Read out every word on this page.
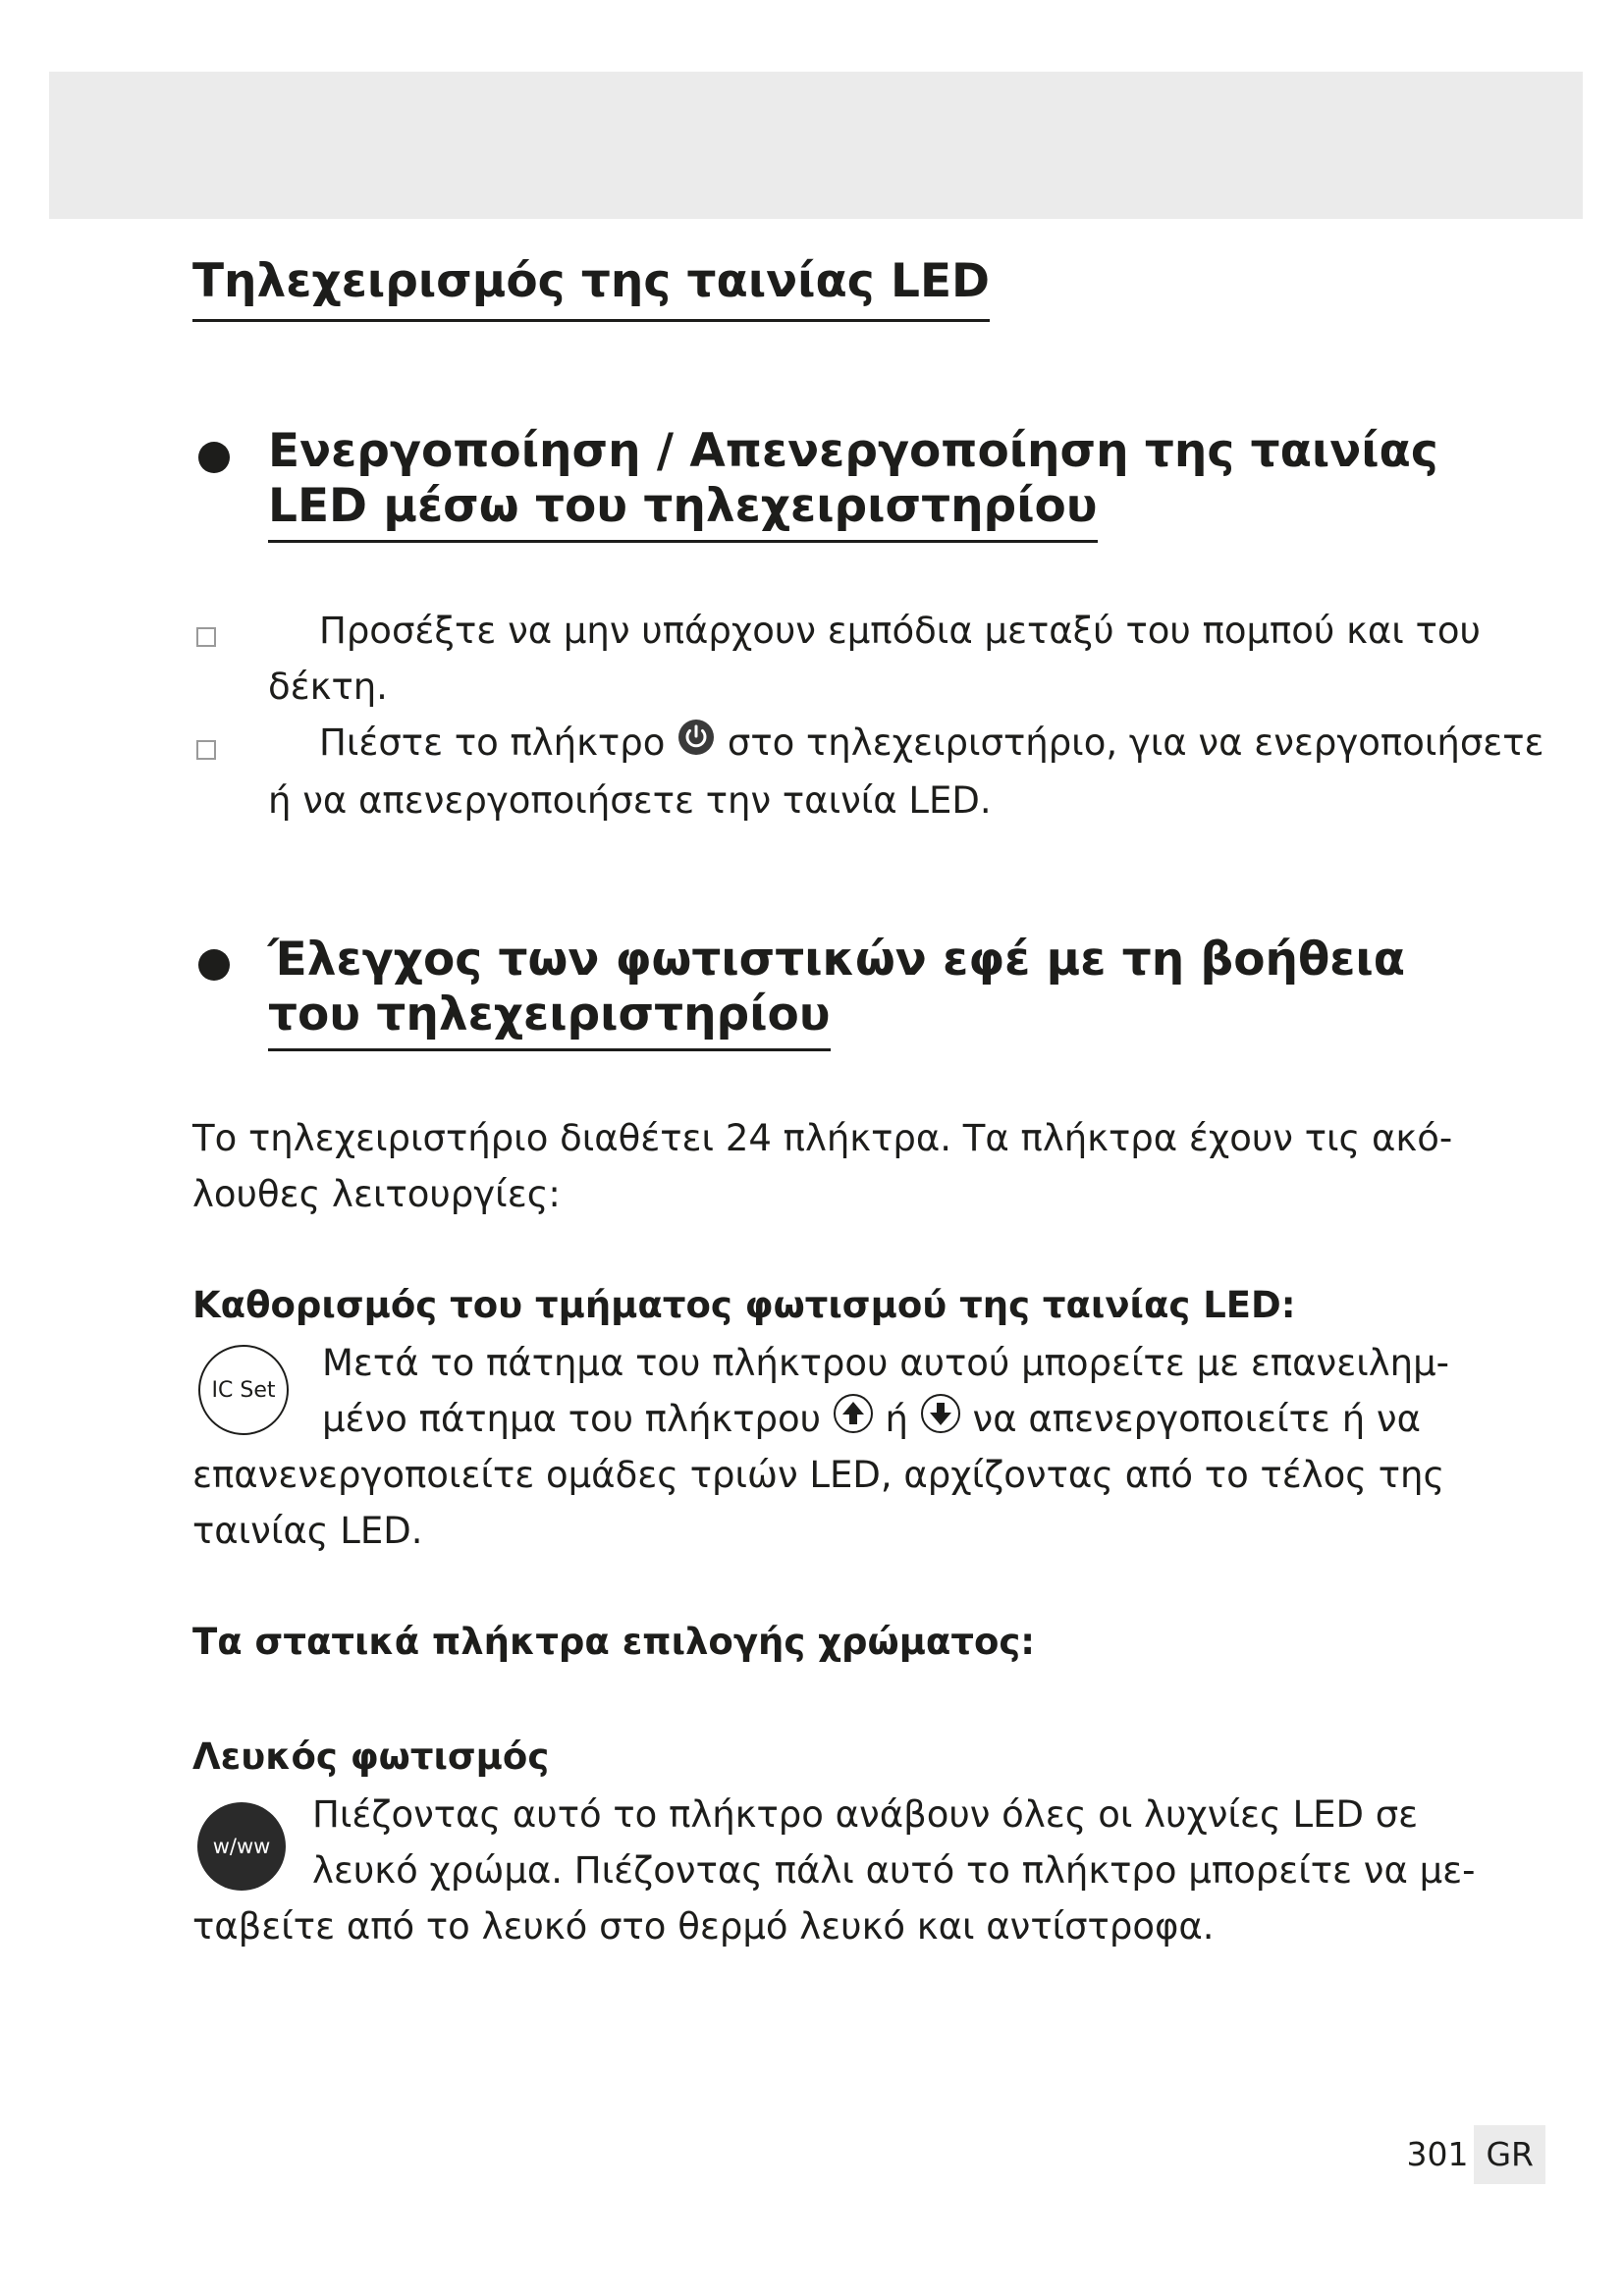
Τηλεχειρισμός της ταινίας LED
Ενεργοποίηση / Απενεργοποίηση της ταινίας
LED μέσω του τηλεχειριστηρίου
Προσέξτε να μην υπάρχουν εμπόδια μεταξύ του πομπού και του
δέκτη.
Πιέστε το πλήκτρο στο τηλεχειριστήριο, για να ενεργοποιήσετε
ή να απενεργοποιήσετε την ταινία LED.
Έλεγχος των φωτιστικών εφέ με τη βοήθεια
του τηλεχειριστηρίου
Το τηλεχειριστήριο διαθέτει 24 πλήκτρα. Τα πλήκτρα έχουν τις ακό-
λουθες λειτουργίες:
Καθορισμός του τμήματος φωτισμού της ταινίας LED:
IC Set
Μετά το πάτημα του πλήκτρου αυτού μπορείτε με επανειλημ-
μένο πάτημα του πλήκτρου ή να απενεργοποιείτε ή να
επανενεργοποιείτε ομάδες τριών LED, αρχίζοντας από το τέλος της
ταινίας LED.
Τα στατικά πλήκτρα επιλογής χρώματος:
Λευκός φωτισμός
w/ww
Πιέζοντας αυτό το πλήκτρο ανάβουν όλες οι λυχνίες LED σε
λευκό χρώμα. Πιέζοντας πάλι αυτό το πλήκτρο μπορείτε να με-
ταβείτε από το λευκό στο θερμό λευκό και αντίστροφα.
301 GR
